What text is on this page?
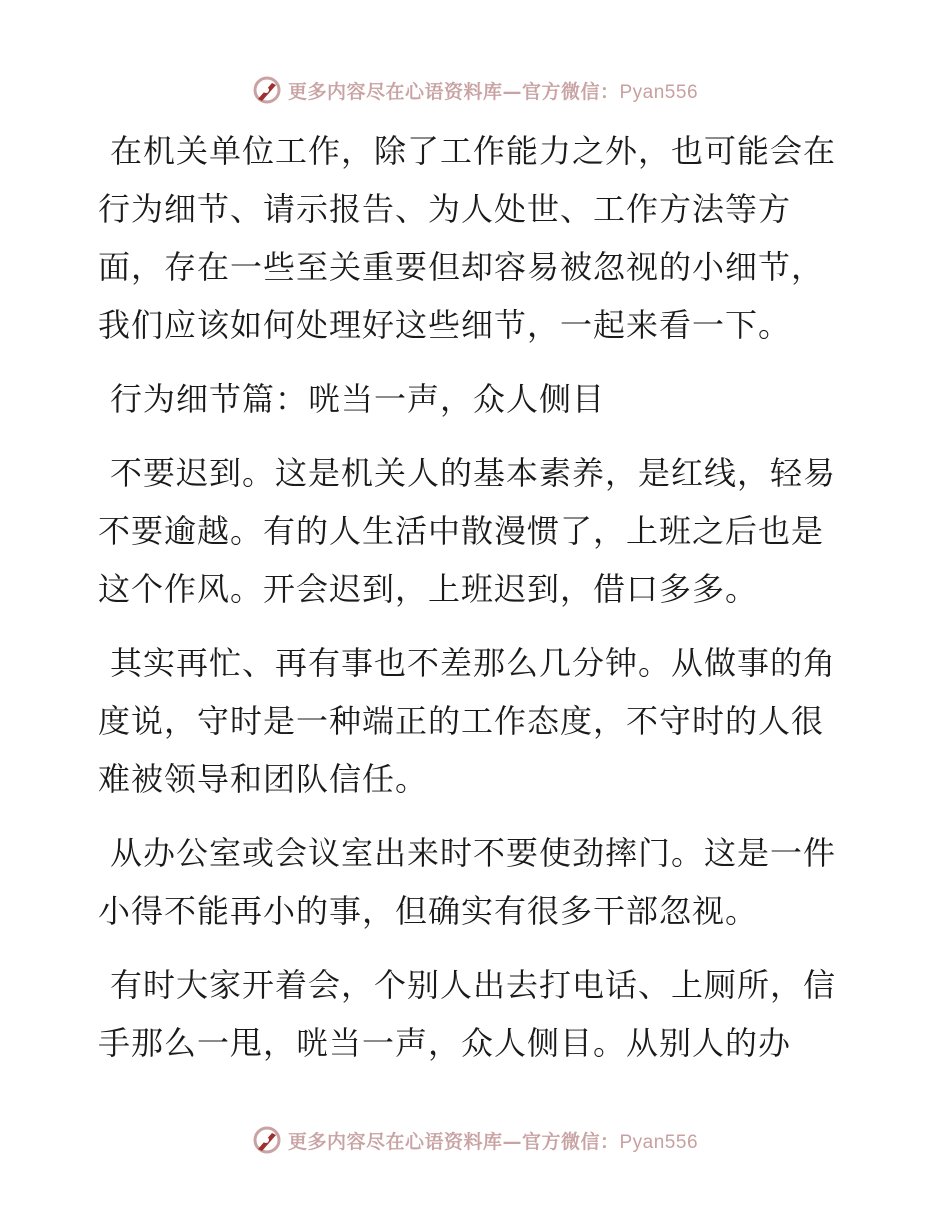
更多内容尽在心语资料库—官方微信：Pyan556

在机关单位工作，除了工作能力之外，也可能会在行为细节、请示报告、为人处世、工作方法等方面，存在一些至关重要但却容易被忽视的小细节，我们应该如何处理好这些细节，一起来看一下。

行为细节篇：咣当一声，众人侧目

不要迟到。这是机关人的基本素养，是红线，轻易不要逾越。有的人生活中散漫惯了，上班之后也是这个作风。开会迟到，上班迟到，借口多多。

其实再忙、再有事也不差那么几分钟。从做事的角度说，守时是一种端正的工作态度，不守时的人很难被领导和团队信任。

从办公室或会议室出来时不要使劲摔门。这是一件小得不能再小的事，但确实有很多干部忽视。

有时大家开着会，个别人出去打电话、上厕所，信手那么一甩，咣当一声，众人侧目。从别人的办

更多内容尽在心语资料库—官方微信：Pyan556
